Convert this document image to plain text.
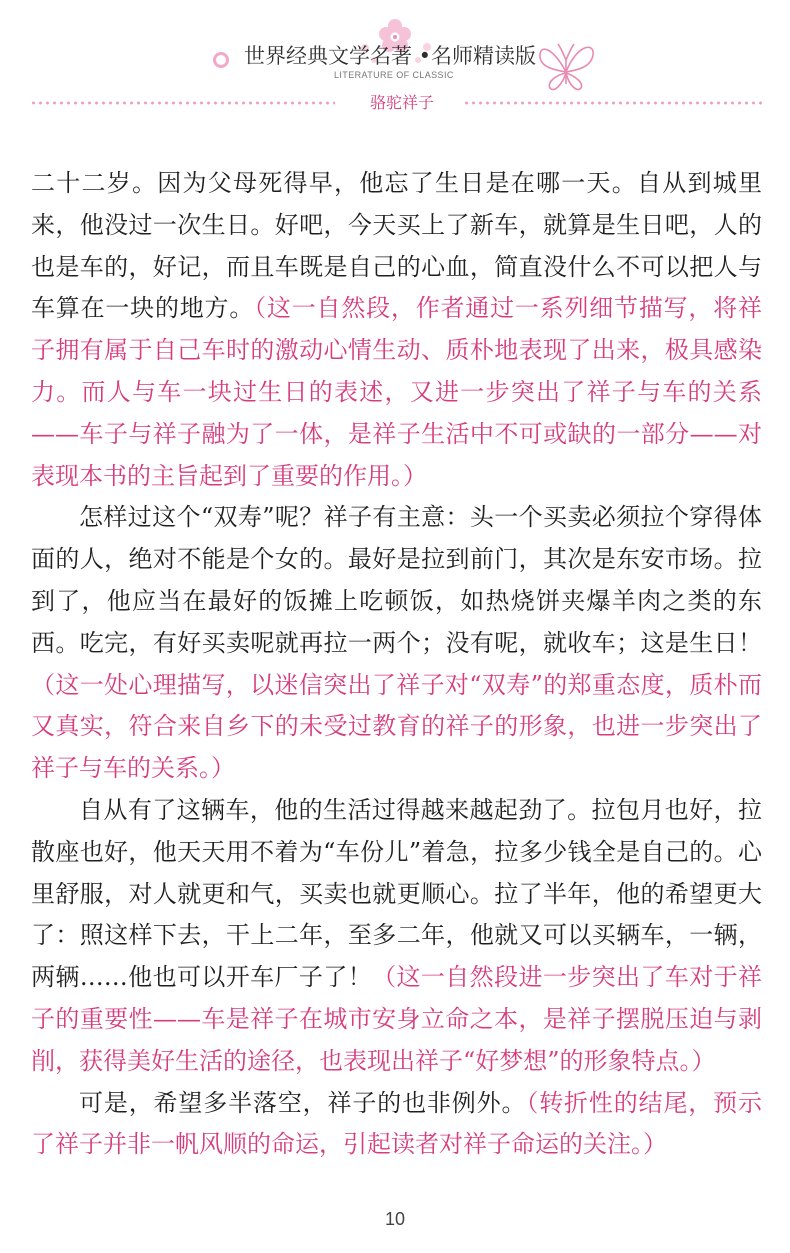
世界经典文学名著 •名师精读版
LITERATURE OF CLASSIC
骆驼祥子

二十二岁。因为父母死得早，他忘了生日是在哪一天。自从到城里来，他没过一次生日。好吧，今天买上了新车，就算是生日吧，人的也是车的，好记，而且车既是自己的心血，简直没什么不可以把人与车算在一块的地方。（这一自然段，作者通过一系列细节描写，将祥子拥有属于自己车时的激动心情生动、质朴地表现了出来，极具感染力。而人与车一块过生日的表述，又进一步突出了祥子与车的关系——车子与祥子融为了一体，是祥子生活中不可或缺的一部分——对表现本书的主旨起到了重要的作用。）

怎样过这个“双寿”呢？祥子有主意：头一个买卖必须拉个穿得体面的人，绝对不能是个女的。最好是拉到前门，其次是东安市场。拉到了，他应当在最好的饭摊上吃顿饭，如热烧饼夹爆羊肉之类的东西。吃完，有好买卖呢就再拉一两个；没有呢，就收车；这是生日！（这一处心理描写，以迷信突出了祥子对“双寿”的郑重态度，质朴而又真实，符合来自乡下的未受过教育的祥子的形象，也进一步突出了祥子与车的关系。）

自从有了这辆车，他的生活过得越来越起劲了。拉包月也好，拉散座也好，他天天用不着为“车份儿”着急，拉多少钱全是自己的。心里舒服，对人就更和气，买卖也就更顺心。拉了半年，他的希望更大了：照这样下去，干上二年，至多二年，他就又可以买辆车，一辆，两辆……他也可以开车厂子了！（这一自然段进一步突出了车对于祥子的重要性——车是祥子在城市安身立命之本，是祥子摆脱压迫与剥削，获得美好生活的途径，也表现出祥子“好梦想”的形象特点。）

可是，希望多半落空，祥子的也非例外。（转折性的结尾，预示了祥子并非一帆风顺的命运，引起读者对祥子命运的关注。）

10
